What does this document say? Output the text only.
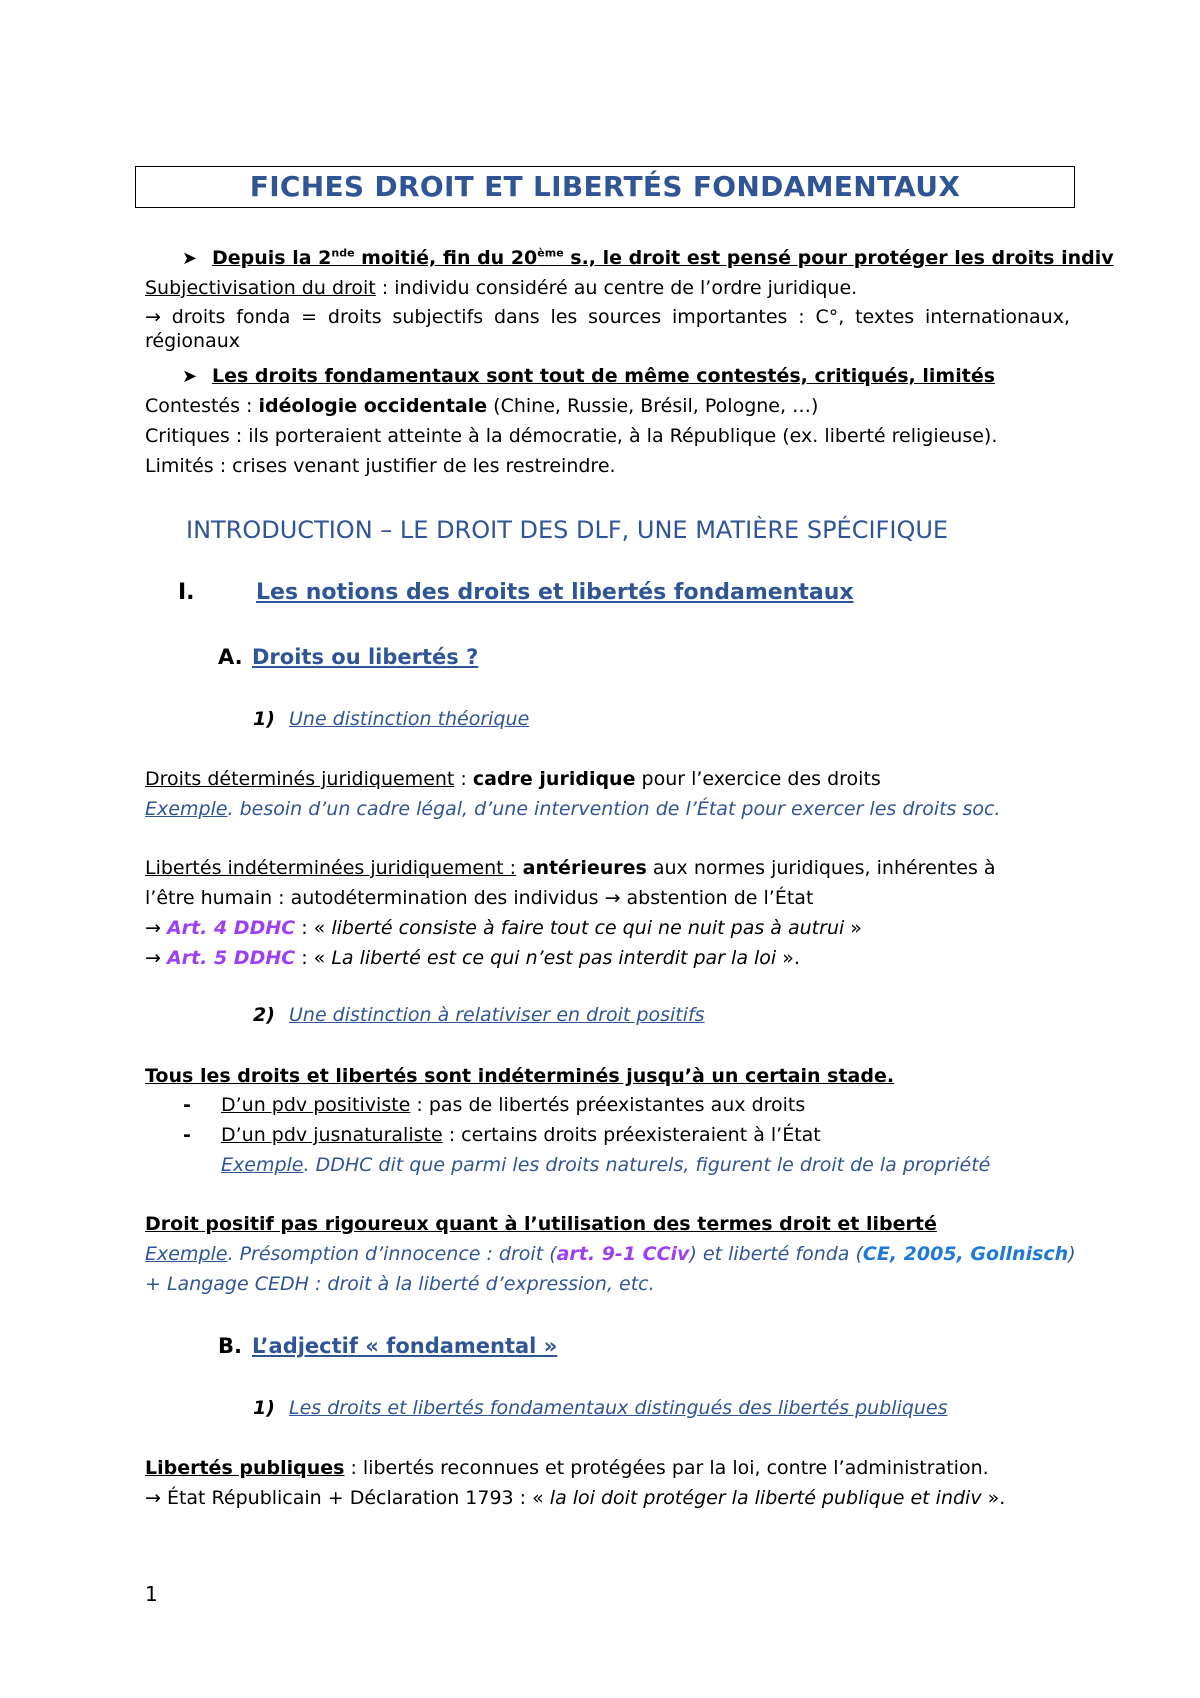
FICHES DROIT ET LIBERTÉS FONDAMENTAUX
➤ Depuis la 2nde moitié, fin du 20ème s., le droit est pensé pour protéger les droits indiv
Subjectivisation du droit : individu considéré au centre de l’ordre juridique.
→ droits fonda = droits subjectifs dans les sources importantes : C°, textes internationaux, régionaux
➤ Les droits fondamentaux sont tout de même contestés, critiqués, limités
Contestés : idéologie occidentale (Chine, Russie, Brésil, Pologne, …)
Critiques : ils porteraient atteinte à la démocratie, à la République (ex. liberté religieuse).
Limités : crises venant justifier de les restreindre.
INTRODUCTION – LE DROIT DES DLF, UNE MATIÈRE SPÉCIFIQUE
I.	Les notions des droits et libertés fondamentaux
A. Droits ou libertés ?
1) Une distinction théorique
Droits déterminés juridiquement : cadre juridique pour l’exercice des droits
Exemple. besoin d’un cadre légal, d’une intervention de l’État pour exercer les droits soc.
Libertés indéterminées juridiquement : antérieures aux normes juridiques, inhérentes à
l’être humain : autodétermination des individus → abstention de l’État
→ Art. 4 DDHC : « liberté consiste à faire tout ce qui ne nuit pas à autrui »
→ Art. 5 DDHC : « La liberté est ce qui n’est pas interdit par la loi ».
2) Une distinction à relativiser en droit positifs
Tous les droits et libertés sont indéterminés jusqu’à un certain stade.
- D’un pdv positiviste : pas de libertés préexistantes aux droits
- D’un pdv jusnaturaliste : certains droits préexisteraient à l’État
Exemple. DDHC dit que parmi les droits naturels, figurent le droit de la propriété
Droit positif pas rigoureux quant à l’utilisation des termes droit et liberté
Exemple. Présomption d’innocence : droit (art. 9-1 CCiv) et liberté fonda (CE, 2005, Gollnisch)
+ Langage CEDH : droit à la liberté d’expression, etc.
B. L’adjectif « fondamental »
1) Les droits et libertés fondamentaux distingués des libertés publiques
Libertés publiques : libertés reconnues et protégées par la loi, contre l’administration.
→ État Républicain + Déclaration 1793 : « la loi doit protéger la liberté publique et indiv ».
1
